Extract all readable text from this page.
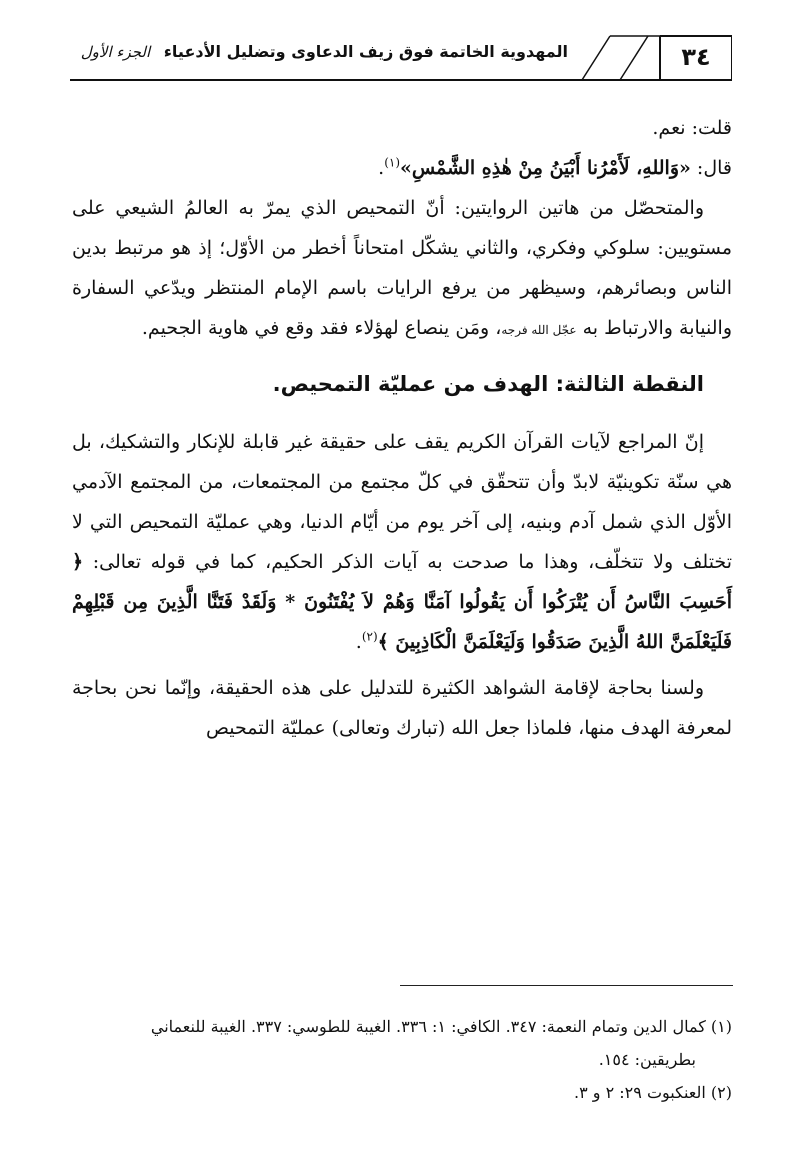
٣٤
المهدوية الخاتمة فوق زيف الدعاوى وتضليل الأدعياء الجزء الأول

قلت: نعم.

قال: «وَاللهِ، لَأَمْرُنا أَبْيَنُ مِنْ هٰذِهِ الشَّمْسِ»$^{(١)}$.

والمتحصّل من هاتين الروايتين: أنّ التمحيص الذي يمرّ به العالمُ الشيعي على مستويين: سلوكي وفكري، والثاني يشكّل امتحاناً أخطر من الأوّل؛ إذ هو مرتبط بدين الناس وبصائرهم، وسيظهر من يرفع الرايات باسم الإمام المنتظر ويدّعي السفارة والنيابة والارتباط به عجّل الله فرجه، ومَن ينصاع لهؤلاء فقد وقع في هاوية الجحيم.

النقطة الثالثة: الهدف من عمليّة التمحيص.

إنّ المراجع لآيات القرآن الكريم يقف على حقيقة غير قابلة للإنكار والتشكيك، بل هي سنّة تكوينيّة لابدّ وأن تتحقّق في كلّ مجتمع من المجتمعات، من المجتمع الآدمي الأوّل الذي شمل آدم وبنيه، إلى آخر يوم من أيّام الدنيا، وهي عمليّة التمحيص التي لا تختلف ولا تتخلّف، وهذا ما صدحت به آيات الذكر الحكيم، كما في قوله تعالى: ﴿ أَحَسِبَ النَّاسُ أَن يُتْرَكُوا أَن يَقُولُوا آمَنَّا وَهُمْ لاَ يُفْتَنُونَ * وَلَقَدْ فَتَنَّا الَّذِينَ مِن قَبْلِهِمْ فَلَيَعْلَمَنَّ اللهُ الَّذِينَ صَدَقُوا وَلَيَعْلَمَنَّ الْكَاذِبِينَ ﴾$^{(٢)}$.

ولسنا بحاجة لإقامة الشواهد الكثيرة للتدليل على هذه الحقيقة، وإنّما نحن بحاجة لمعرفة الهدف منها، فلماذا جعل الله (تبارك وتعالى) عمليّة التمحيص

(١) كمال الدين وتمام النعمة: ٣٤٧. الكافي: ١: ٣٣٦. الغيبة للطوسي: ٣٣٧. الغيبة للنعماني

بطريقين: ١٥٤.

(٢) العنكبوت ٢٩: ٢ و ٣.
